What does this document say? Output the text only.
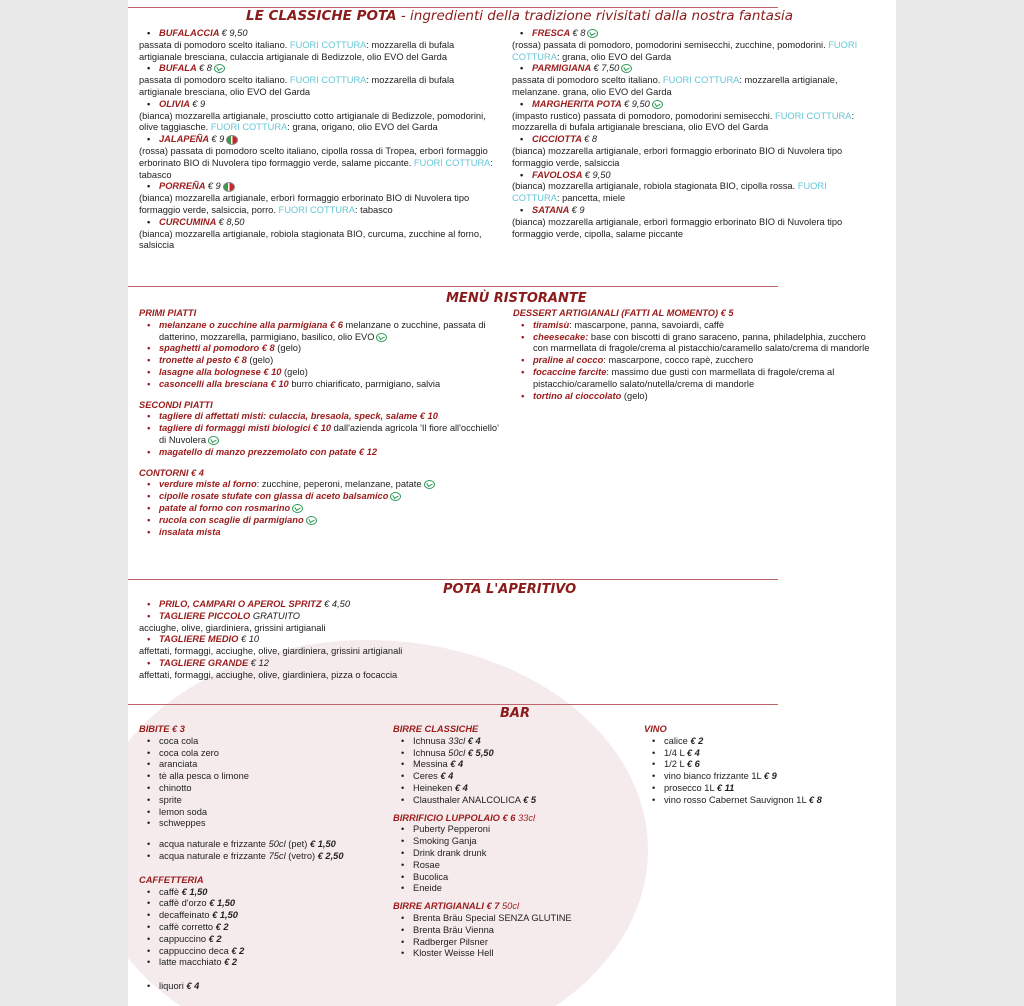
LE CLASSICHE POTA - ingredienti della tradizione rivisitati dalla nostra fantasia
• BUFALACCIA € 9,50
passata di pomodoro scelto italiano. FUORI COTTURA: mozzarella di bufala artigianale bresciana, culaccia artigianale di Bedizzole, olio EVO del Garda
• BUFALA € 8
passata di pomodoro scelto italiano. FUORI COTTURA: mozzarella di bufala artigianale bresciana, olio EVO del Garda
• OLIVIA € 9
(bianca) mozzarella artigianale, prosciutto cotto artigianale di Bedizzole, pomodorini, olive taggiasche. FUORI COTTURA: grana, origano, olio EVO del Garda
• JALAPEÑA € 9
(rossa) passata di pomodoro scelto italiano, cipolla rossa di Tropea, erborì formaggio erborinato BIO di Nuvolera tipo formaggio verde, salame piccante. FUORI COTTURA: tabasco
• PORREÑA € 9
(bianca) mozzarella artigianale, erborì formaggio erborinato BIO di Nuvolera tipo formaggio verde, salsiccia, porro. FUORI COTTURA: tabasco
• CURCUMINA € 8,50
(bianca) mozzarella artigianale, robiola stagionata BIO, curcuma, zucchine al forno, salsiccia
• FRESCA € 8
(rossa) passata di pomodoro, pomodorini semisecchi, zucchine, pomodorini. FUORI COTTURA: grana, olio EVO del Garda
• PARMIGIANA € 7,50
passata di pomodoro scelto italiano. FUORI COTTURA: mozzarella artigianale, melanzane. grana, olio EVO del Garda
• MARGHERITA POTA € 9,50
(impasto rustico) passata di pomodoro, pomodorini semisecchi. FUORI COTTURA: mozzarella di bufala artigianale bresciana, olio EVO del Garda
• CICCIOTTA € 8
(bianca) mozzarella artigianale, erborì formaggio erborinato BIO di Nuvolera tipo formaggio verde, salsiccia
• FAVOLOSA € 9,50
(bianca) mozzarella artigianale, robiola stagionata BIO, cipolla rossa. FUORI COTTURA: pancetta, miele
• SATANA € 9
(bianca) mozzarella artigianale, erborì formaggio erborinato BIO di Nuvolera tipo formaggio verde, cipolla, salame piccante
MENÙ RISTORANTE
PRIMI PIATTI
• melanzane o zucchine alla parmigiana € 6 melanzane o zucchine, passata di datterino, mozzarella, parmigiano, basilico, olio EVO
• spaghetti al pomodoro € 8 (gelo)
• tronette al pesto € 8 (gelo)
• lasagne alla bolognese € 10 (gelo)
• casoncelli alla bresciana € 10 burro chiarificato, parmigiano, salvia
SECONDI PIATTI
• tagliere di affettati misti: culaccia, bresaola, speck, salame € 10
• tagliere di formaggi misti biologici € 10 dall'azienda agricola 'Il fiore all'occhiello' di Nuvolera
• magatello di manzo prezzemolato con patate € 12
CONTORNI € 4
• verdure miste al forno: zucchine, peperoni, melanzane, patate
• cipolle rosate stufate con glassa di aceto balsamico
• patate al forno con rosmarino
• rucola con scaglie di parmigiano
• insalata mista
DESSERT ARTIGIANALI (FATTI AL MOMENTO) € 5
• tiramisù: mascarpone, panna, savoiardi, caffè
• cheesecake: base con biscotti di grano saraceno, panna, philadelphia, zucchero con marmellata di fragole/crema al pistacchio/caramello salato/crema di mandorle
• praline al cocco: mascarpone, cocco rapè, zucchero
• focaccine farcite: massimo due gusti con marmellata di fragole/crema al pistacchio/caramello salato/nutella/crema di mandorle
• tortino al cioccolato (gelo)
POTA L'APERITIVO
• PRILO, CAMPARI O APEROL SPRITZ € 4,50
• TAGLIERE PICCOLO GRATUITO
acciughe, olive, giardiniera, grissini artigianali
• TAGLIERE MEDIO € 10
affettati, formaggi, acciughe, olive, giardiniera, grissini artigianali
• TAGLIERE GRANDE € 12
affettati, formaggi, acciughe, olive, giardiniera, pizza o focaccia
BAR
BIBITE € 3
• coca cola
• coca cola zero
• aranciata
• tè alla pesca o limone
• chinotto
• sprite
• lemon soda
• schweppes
• acqua naturale e frizzante 50cl (pet) € 1,50
• acqua naturale e frizzante 75cl (vetro) € 2,50
CAFFETTERIA
• caffè € 1,50
• caffè d'orzo € 1,50
• decaffeinato € 1,50
• caffè corretto € 2
• cappuccino € 2
• cappuccino deca € 2
• latte macchiato € 2
• liquori € 4
BIRRE CLASSICHE
• Ichnusa 33cl € 4
• Ichnusa 50cl € 5,50
• Messina € 4
• Ceres € 4
• Heineken € 4
• Clausthaler ANALCOLICA € 5
BIRRIFICIO LUPPOLAIO € 6 33cl
• Puberty Pepperoni
• Smoking Ganja
• Drink drank drunk
• Rosae
• Bucolica
• Eneide
BIRRE ARTIGIANALI € 7 50cl
• Brenta Bräu Special SENZA GLUTINE
• Brenta Bräu Vienna
• Radberger Pilsner
• Kloster Weisse Hell
VINO
• calice € 2
• 1/4 L € 4
• 1/2 L € 6
• vino bianco frizzante 1L € 9
• prosecco 1L € 11
• vino rosso Cabernet Sauvignon 1L € 8
